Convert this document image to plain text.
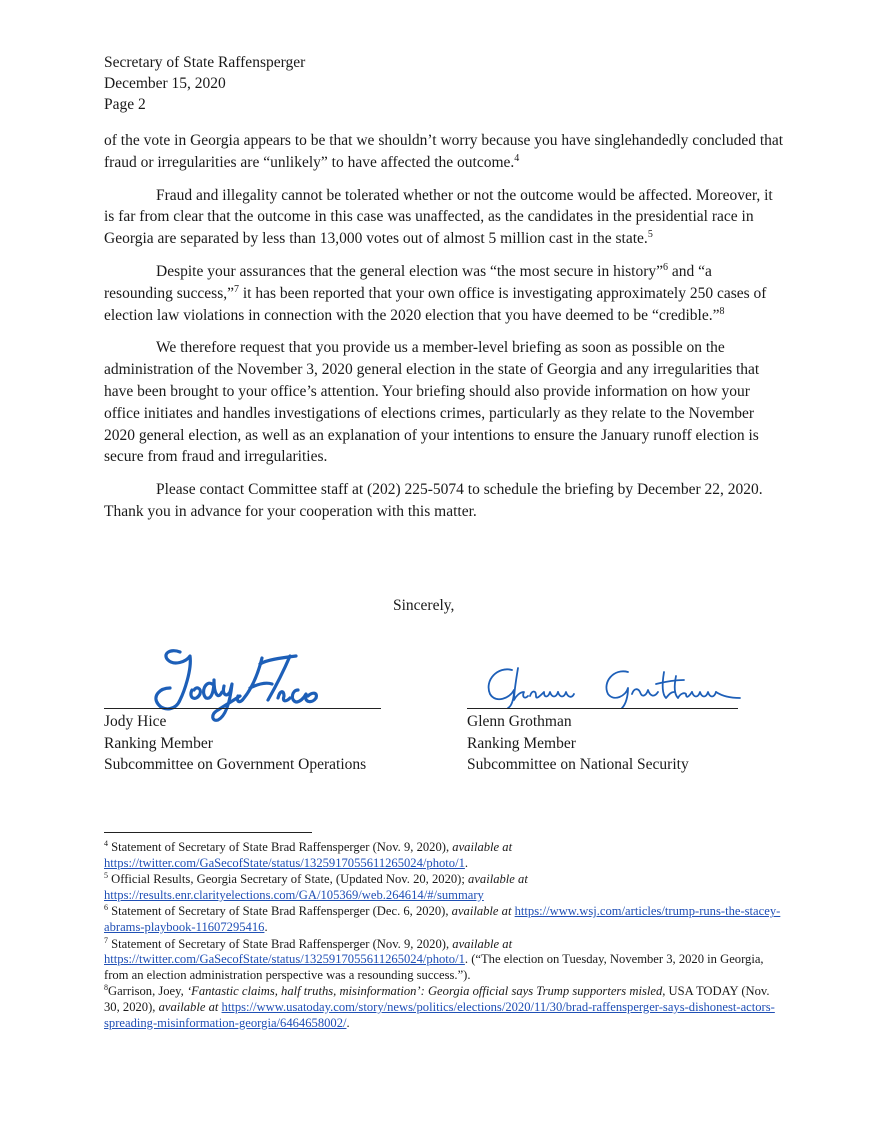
Secretary of State Raffensperger

December 15, 2020

Page 2

of the vote in Georgia appears to be that we shouldn’t worry because you have singlehandedly concluded that fraud or irregularities are “unlikely” to have affected the outcome.$^4$

Fraud and illegality cannot be tolerated whether or not the outcome would be affected. Moreover, it is far from clear that the outcome in this case was unaffected, as the candidates in the presidential race in Georgia are separated by less than 13,000 votes out of almost 5 million cast in the state.$^5$

Despite your assurances that the general election was “the most secure in history”$^6$ and “a resounding success,”$^7$ it has been reported that your own office is investigating approximately 250 cases of election law violations in connection with the 2020 election that you have deemed to be “credible.”$^8$

We therefore request that you provide us a member-level briefing as soon as possible on the administration of the November 3, 2020 general election in the state of Georgia and any irregularities that have been brought to your office’s attention. Your briefing should also provide information on how your office initiates and handles investigations of elections crimes, particularly as they relate to the November 2020 general election, as well as an explanation of your intentions to ensure the January runoff election is secure from fraud and irregularities.

Please contact Committee staff at (202) 225-5074 to schedule the briefing by December 22, 2020. Thank you in advance for your cooperation with this matter.

Sincerely,
Jody Hice
Jody Hice
Ranking Member
Subcommittee on Government Operations
Glenn Grothman
Glenn Grothman
Ranking Member
Subcommittee on National Security

$^4$ Statement of Secretary of State Brad Raffensperger (Nov. 9, 2020), available at https://twitter.com/GaSecofState/status/1325917055611265024/photo/1.

$^5$ Official Results, Georgia Secretary of State, (Updated Nov. 20, 2020); available at https://results.enr.clarityelections.com/GA/105369/web.264614/#/summary

$^6$ Statement of Secretary of State Brad Raffensperger (Dec. 6, 2020), available at https://www.wsj.com/articles/trump-runs-the-stacey-abrams-playbook-11607295416.

$^7$ Statement of Secretary of State Brad Raffensperger (Nov. 9, 2020), available at https://twitter.com/GaSecofState/status/1325917055611265024/photo/1. (“The election on Tuesday, November 3, 2020 in Georgia, from an election administration perspective was a resounding success.”).

$^8$Garrison, Joey, ‘Fantastic claims, half truths, misinformation’: Georgia official says Trump supporters misled, USA TODAY (Nov. 30, 2020), available at https://www.usatoday.com/story/news/politics/elections/2020/11/30/brad-raffensperger-says-dishonest-actors-spreading-misinformation-georgia/6464658002/.
